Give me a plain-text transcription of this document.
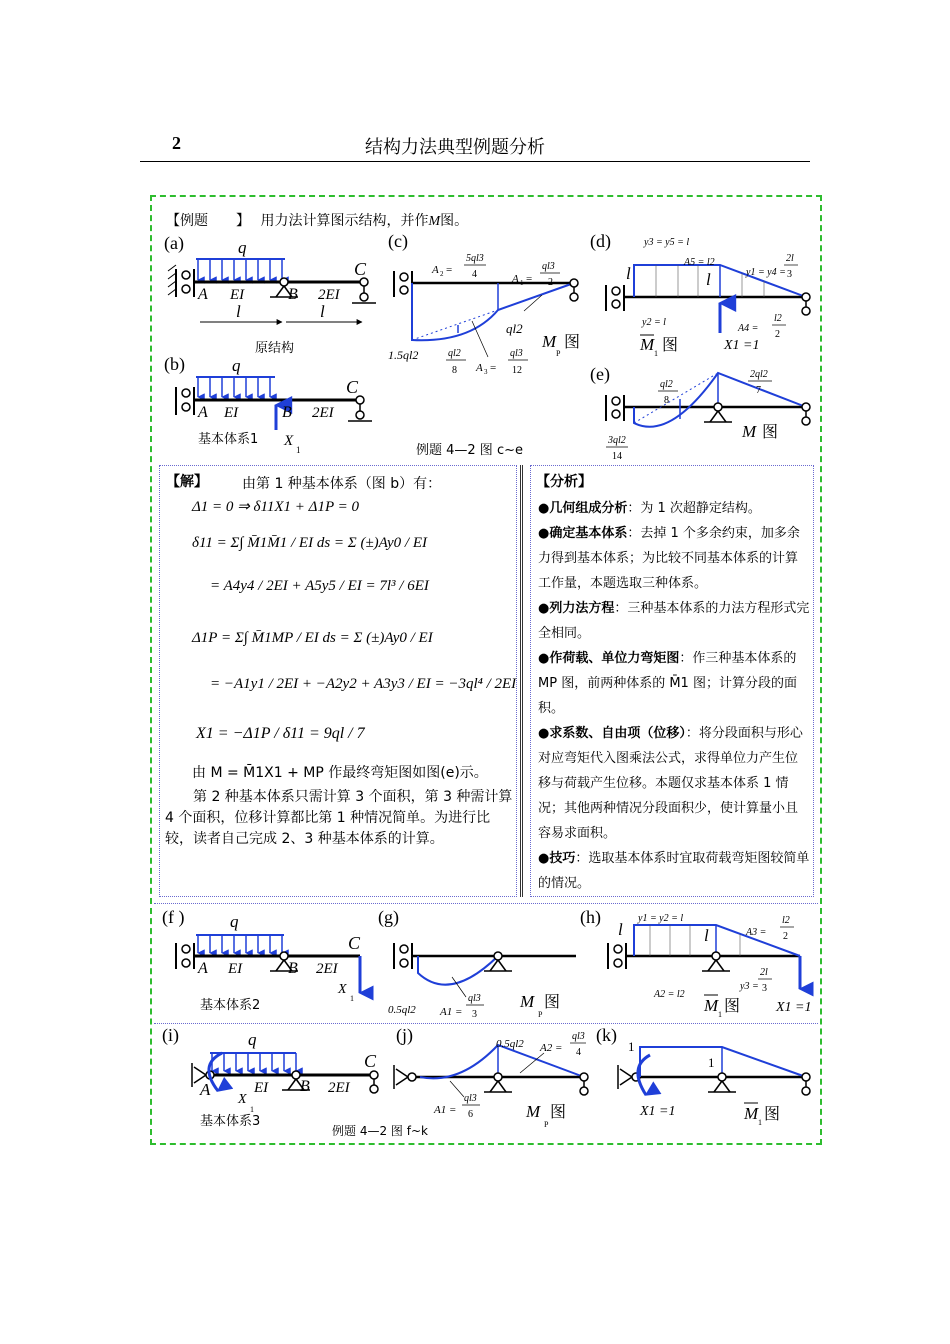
2	结构力法典型例题分析
【例题　　】 用力法计算图示结构，并作M图。
(a)	q
A EI	B 2EI
C
l	l
原结构
(b)	q
A EI	B 2EI
C
基本体系1 X
1	例题 4—2 图 c~e
(c)
A 2 =
5ql3
4	A 1 =
ql3
2
ql2
1.5ql2	ql2
8 A 3 =
ql3
12
M
P
图
(d)	y3 = y5 = l
A5 = l2
y1 = y4 =
2l
3
l	l
y2 = l
A4 =
l2
2
M 1 图	X1 =1
(e)
ql2
8
2ql2
7
3ql2
14
M 图
【解】 由第 1 种基本体系（图 b）有：
Δ1 = 0 ⇒ δ11X1 + Δ1P = 0
δ11 = Σ∫ M̄1M̄1 / EI ds = Σ (±)Ay0 / EI
= A4y4 / 2EI + A5y5 / EI = 7l³ / 6EI
Δ1P = Σ∫ M̄1MP / EI ds = Σ (±)Ay0 / EI
= −A1y1 / 2EI + −A2y2 + A3y3 / EI = −3ql⁴ / 2EI
X1 = −Δ1P / δ11 = 9ql / 7
由 M = M̄1X1 + MP 作最终弯矩图如图(e)示。
第 2 种基本体系只需计算 3 个面积，第 3 种需计算 4 个面积，位移计算都比第 1 种情况简单。为进行比较，读者自己完成 2、3 种基本体系的计算。
【分析】
●几何组成分析：为 1 次超静定结构。
●确定基本体系：去掉 1 个多余约束，加多余力得到基本体系；为比较不同基本体系的计算工作量，本题选取三种体系。
●列力法方程：三种基本体系的力法方程形式完全相同。
●作荷载、单位力弯矩图：作三种基本体系的 MP 图，前两种体系的 M̄1 图；计算分段的面积。
●求系数、自由项（位移）：将分段面积与形心对应弯矩代入图乘法公式，求得单位力产生位移与荷载产生位移。本题仅求基本体系 1 情况；其他两种情况分段面积少，使计算量小且容易求面积。
●技巧：选取基本体系时宜取荷载弯矩图较简单的情况。
(f )	q
A EI	B 2EI
C
X
1
基本体系2
(g)
0.5ql2 A1 =
ql3
3
M
P
图
(h)	y1 = y2 = l
A3 =
l2
2
l	l
2l
3
y3 =
A2 = l2
M 1 图	X1 =1
(i)	q
A	EI B 2EI
C
X
1
基本体系3
例题 4—2 图 f~k
(j)	0.5ql2 A2 =
ql3
4
A1 =
ql3
6	M
P
图
(k)
1
1
X1 =1	M 1 图
